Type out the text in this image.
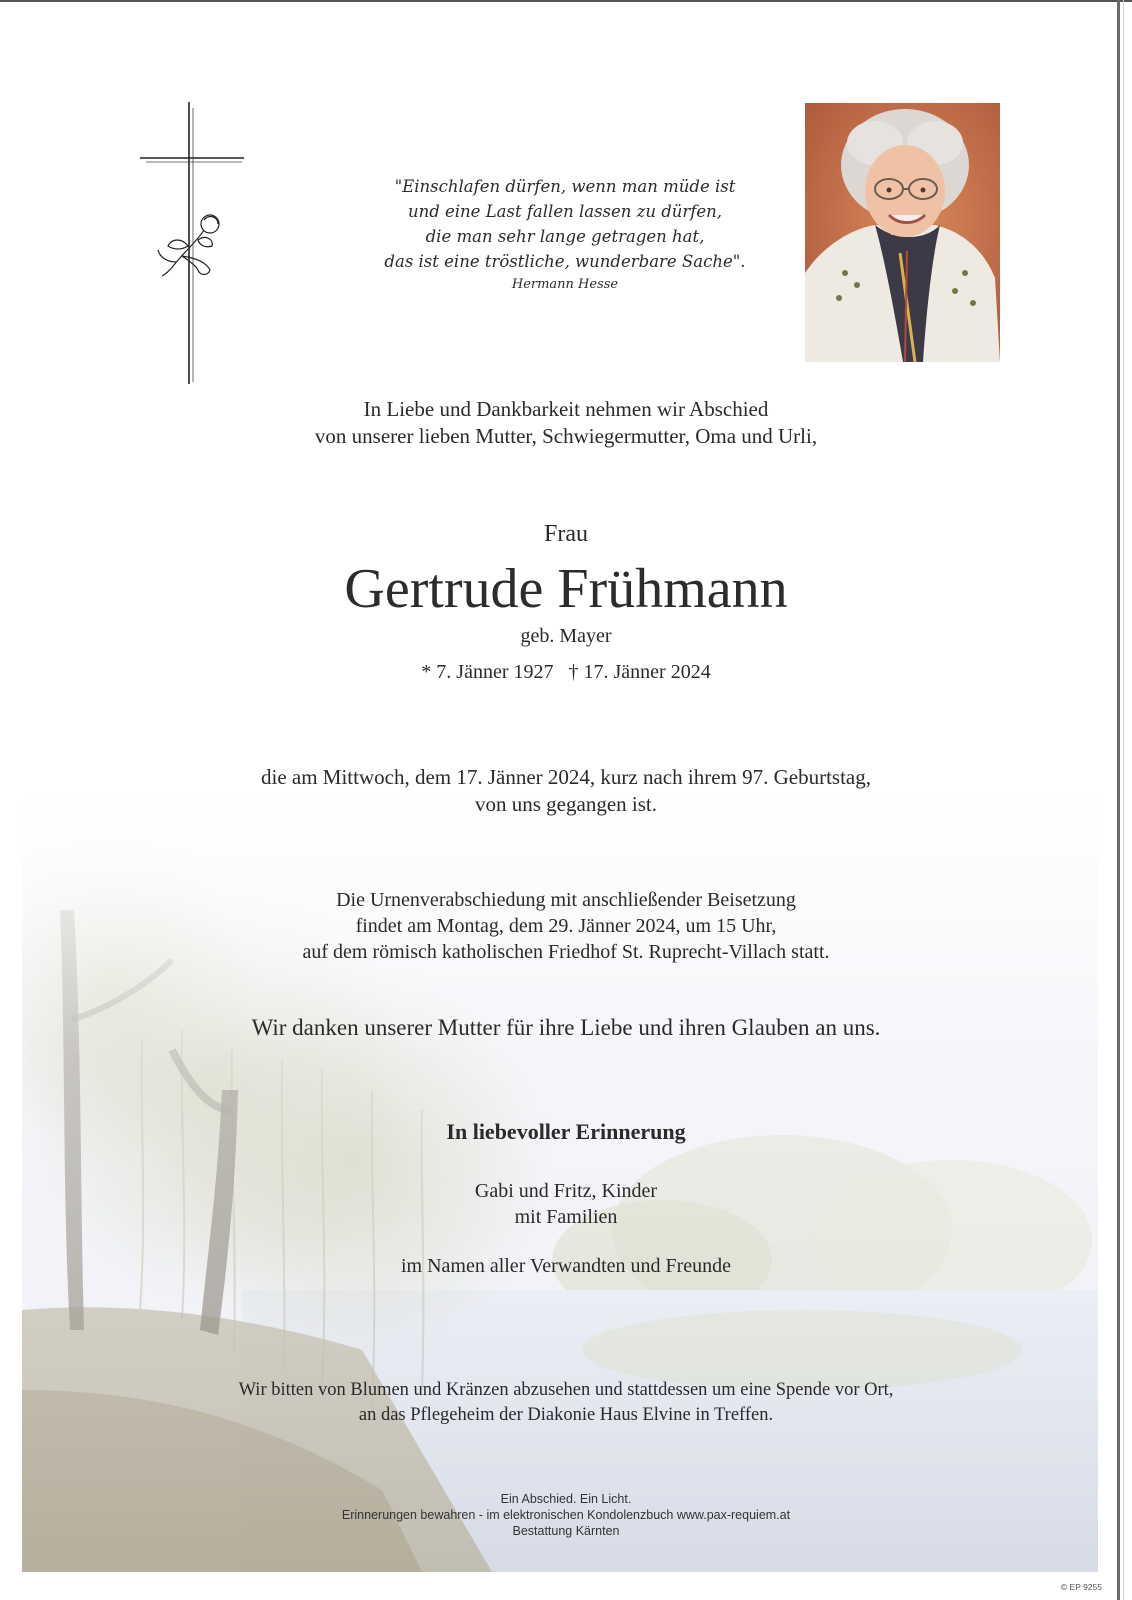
"Einschlafen dürfen, wenn man müde ist
und eine Last fallen lassen zu dürfen,
die man sehr lange getragen hat,
das ist eine tröstliche, wunderbare Sache".
Hermann Hesse
In Liebe und Dankbarkeit nehmen wir Abschied
von unserer lieben Mutter, Schwiegermutter, Oma und Urli,
Frau
Gertrude Frühmann
geb. Mayer
* 7. Jänner 1927 † 17. Jänner 2024
die am Mittwoch, dem 17. Jänner 2024, kurz nach ihrem 97. Geburtstag,
von uns gegangen ist.
Die Urnenverabschiedung mit anschließender Beisetzung
findet am Montag, dem 29. Jänner 2024, um 15 Uhr,
auf dem römisch katholischen Friedhof St. Ruprecht-Villach statt.
Wir danken unserer Mutter für ihre Liebe und ihren Glauben an uns.
In liebevoller Erinnerung
Gabi und Fritz, Kinder
mit Familien
im Namen aller Verwandten und Freunde
Wir bitten von Blumen und Kränzen abzusehen und stattdessen um eine Spende vor Ort,
an das Pflegeheim der Diakonie Haus Elvine in Treffen.
Ein Abschied. Ein Licht.
Erinnerungen bewahren - im elektronischen Kondolenzbuch www.pax-requiem.at
Bestattung Kärnten
© EP 9255
